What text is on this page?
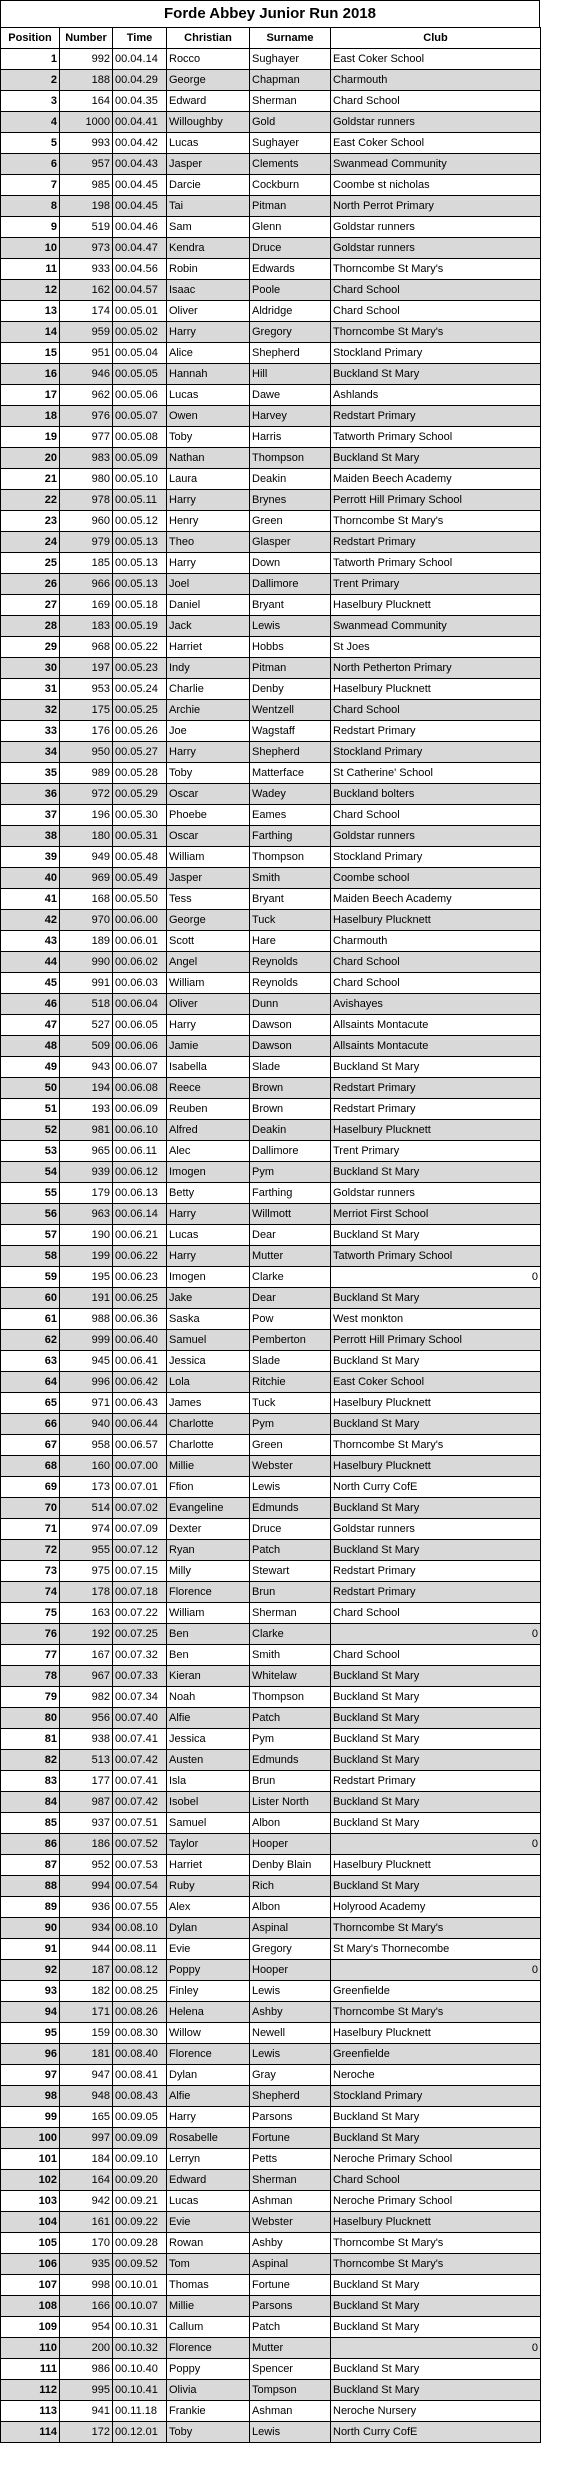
Forde Abbey Junior Run 2018
Position	Number	Time	Christian	Surname	Club
1	992	00.04.14	Rocco	Sughayer	East Coker School
2	188	00.04.29	George	Chapman	Charmouth
3	164	00.04.35	Edward	Sherman	Chard School
4	1000	00.04.41	Willoughby	Gold	Goldstar runners
5	993	00.04.42	Lucas	Sughayer	East Coker School
6	957	00.04.43	Jasper	Clements	Swanmead Community
7	985	00.04.45	Darcie	Cockburn	Coombe st nicholas
8	198	00.04.45	Tai	Pitman	North Perrot Primary
9	519	00.04.46	Sam	Glenn	Goldstar runners
10	973	00.04.47	Kendra	Druce	Goldstar runners
11	933	00.04.56	Robin	Edwards	Thorncombe St Mary's
12	162	00.04.57	Isaac	Poole	Chard School
13	174	00.05.01	Oliver	Aldridge	Chard School
14	959	00.05.02	Harry	Gregory	Thorncombe St Mary's
15	951	00.05.04	Alice	Shepherd	Stockland Primary
16	946	00.05.05	Hannah	Hill	Buckland St Mary
17	962	00.05.06	Lucas	Dawe	Ashlands
18	976	00.05.07	Owen	Harvey	Redstart Primary
19	977	00.05.08	Toby	Harris	Tatworth Primary School
20	983	00.05.09	Nathan	Thompson	Buckland St Mary
21	980	00.05.10	Laura	Deakin	Maiden Beech Academy
22	978	00.05.11	Harry	Brynes	Perrott Hill Primary School
23	960	00.05.12	Henry	Green	Thorncombe St Mary's
24	979	00.05.13	Theo	Glasper	Redstart Primary
25	185	00.05.13	Harry	Down	Tatworth Primary School
26	966	00.05.13	Joel	Dallimore	Trent Primary
27	169	00.05.18	Daniel	Bryant	Haselbury Plucknett
28	183	00.05.19	Jack	Lewis	Swanmead Community
29	968	00.05.22	Harriet	Hobbs	St Joes
30	197	00.05.23	Indy	Pitman	North Petherton Primary
31	953	00.05.24	Charlie	Denby	Haselbury Plucknett
32	175	00.05.25	Archie	Wentzell	Chard School
33	176	00.05.26	Joe	Wagstaff	Redstart Primary
34	950	00.05.27	Harry	Shepherd	Stockland Primary
35	989	00.05.28	Toby	Matterface	St Catherine' School
36	972	00.05.29	Oscar	Wadey	Buckland bolters
37	196	00.05.30	Phoebe	Eames	Chard School
38	180	00.05.31	Oscar	Farthing	Goldstar runners
39	949	00.05.48	William	Thompson	Stockland Primary
40	969	00.05.49	Jasper	Smith	Coombe school
41	168	00.05.50	Tess	Bryant	Maiden Beech Academy
42	970	00.06.00	George	Tuck	Haselbury Plucknett
43	189	00.06.01	Scott	Hare	Charmouth
44	990	00.06.02	Angel	Reynolds	Chard School
45	991	00.06.03	William	Reynolds	Chard School
46	518	00.06.04	Oliver	Dunn	Avishayes
47	527	00.06.05	Harry	Dawson	Allsaints Montacute
48	509	00.06.06	Jamie	Dawson	Allsaints Montacute
49	943	00.06.07	Isabella	Slade	Buckland St Mary
50	194	00.06.08	Reece	Brown	Redstart Primary
51	193	00.06.09	Reuben	Brown	Redstart Primary
52	981	00.06.10	Alfred	Deakin	Haselbury Plucknett
53	965	00.06.11	Alec	Dallimore	Trent Primary
54	939	00.06.12	Imogen	Pym	Buckland St Mary
55	179	00.06.13	Betty	Farthing	Goldstar runners
56	963	00.06.14	Harry	Willmott	Merriot First School
57	190	00.06.21	Lucas	Dear	Buckland St Mary
58	199	00.06.22	Harry	Mutter	Tatworth Primary School
59	195	00.06.23	Imogen	Clarke	0
60	191	00.06.25	Jake	Dear	Buckland St Mary
61	988	00.06.36	Saska	Pow	West monkton
62	999	00.06.40	Samuel	Pemberton	Perrott Hill Primary School
63	945	00.06.41	Jessica	Slade	Buckland St Mary
64	996	00.06.42	Lola	Ritchie	East Coker School
65	971	00.06.43	James	Tuck	Haselbury Plucknett
66	940	00.06.44	Charlotte	Pym	Buckland St Mary
67	958	00.06.57	Charlotte	Green	Thorncombe St Mary's
68	160	00.07.00	Millie	Webster	Haselbury Plucknett
69	173	00.07.01	Ffion	Lewis	North Curry CofE
70	514	00.07.02	Evangeline	Edmunds	Buckland St Mary
71	974	00.07.09	Dexter	Druce	Goldstar runners
72	955	00.07.12	Ryan	Patch	Buckland St Mary
73	975	00.07.15	Milly	Stewart	Redstart Primary
74	178	00.07.18	Florence	Brun	Redstart Primary
75	163	00.07.22	William	Sherman	Chard School
76	192	00.07.25	Ben	Clarke	0
77	167	00.07.32	Ben	Smith	Chard School
78	967	00.07.33	Kieran	Whitelaw	Buckland St Mary
79	982	00.07.34	Noah	Thompson	Buckland St Mary
80	956	00.07.40	Alfie	Patch	Buckland St Mary
81	938	00.07.41	Jessica	Pym	Buckland St Mary
82	513	00.07.42	Austen	Edmunds	Buckland St Mary
83	177	00.07.41	Isla	Brun	Redstart Primary
84	987	00.07.42	Isobel	Lister North	Buckland St Mary
85	937	00.07.51	Samuel	Albon	Buckland St Mary
86	186	00.07.52	Taylor	Hooper	0
87	952	00.07.53	Harriet	Denby Blain	Haselbury Plucknett
88	994	00.07.54	Ruby	Rich	Buckland St Mary
89	936	00.07.55	Alex	Albon	Holyrood Academy
90	934	00.08.10	Dylan	Aspinal	Thorncombe St Mary's
91	944	00.08.11	Evie	Gregory	St Mary's Thornecombe
92	187	00.08.12	Poppy	Hooper	0
93	182	00.08.25	Finley	Lewis	Greenfielde
94	171	00.08.26	Helena	Ashby	Thorncombe St Mary's
95	159	00.08.30	Willow	Newell	Haselbury Plucknett
96	181	00.08.40	Florence	Lewis	Greenfielde
97	947	00.08.41	Dylan	Gray	Neroche
98	948	00.08.43	Alfie	Shepherd	Stockland Primary
99	165	00.09.05	Harry	Parsons	Buckland St Mary
100	997	00.09.09	Rosabelle	Fortune	Buckland St Mary
101	184	00.09.10	Lerryn	Petts	Neroche Primary School
102	164	00.09.20	Edward	Sherman	Chard School
103	942	00.09.21	Lucas	Ashman	Neroche Primary School
104	161	00.09.22	Evie	Webster	Haselbury Plucknett
105	170	00.09.28	Rowan	Ashby	Thorncombe St Mary's
106	935	00.09.52	Tom	Aspinal	Thorncombe St Mary's
107	998	00.10.01	Thomas	Fortune	Buckland St Mary
108	166	00.10.07	Millie	Parsons	Buckland St Mary
109	954	00.10.31	Callum	Patch	Buckland St Mary
110	200	00.10.32	Florence	Mutter	0
111	986	00.10.40	Poppy	Spencer	Buckland St Mary
112	995	00.10.41	Olivia	Tompson	Buckland St Mary
113	941	00.11.18	Frankie	Ashman	Neroche Nursery
114	172	00.12.01	Toby	Lewis	North Curry CofE
